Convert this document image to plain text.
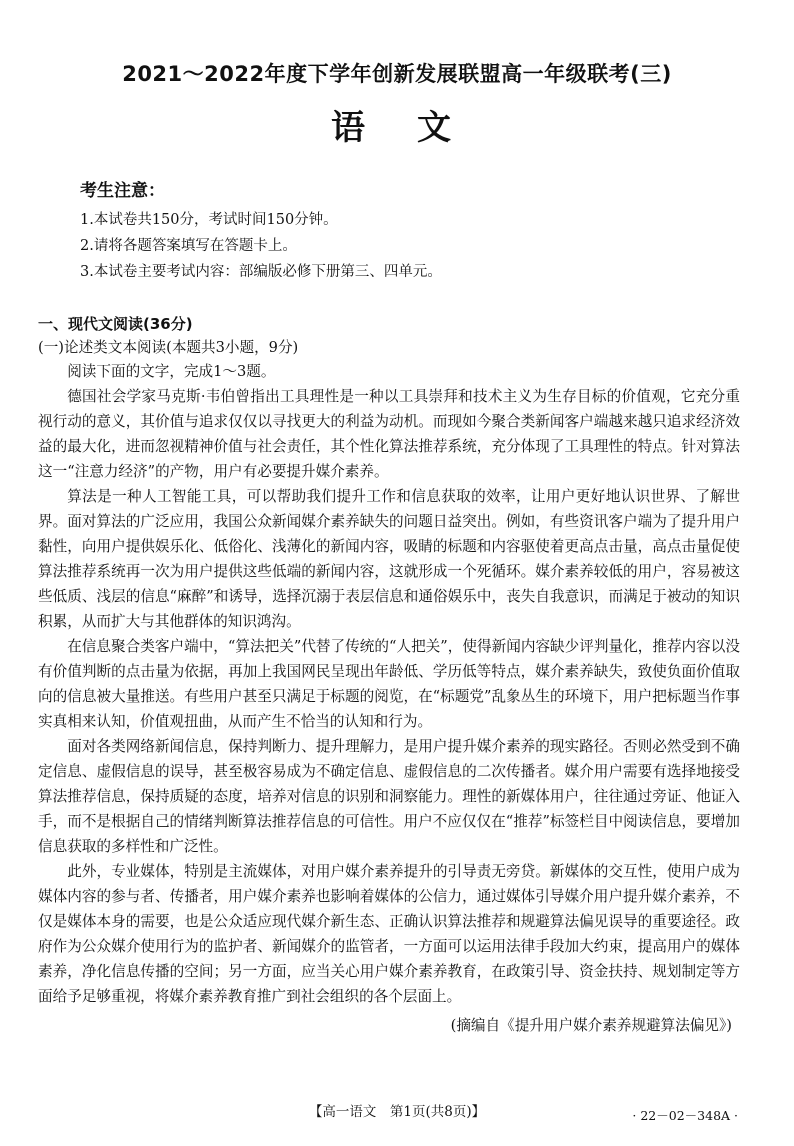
2021～2022年度下学年创新发展联盟高一年级联考(三)
语文
考生注意：
1.本试卷共150分，考试时间150分钟。
2.请将各题答案填写在答题卡上。
3.本试卷主要考试内容：部编版必修下册第三、四单元。
一、现代文阅读(36分)
(一)论述类文本阅读(本题共3小题，9分)
阅读下面的文字，完成1～3题。

德国社会学家马克斯·韦伯曾指出工具理性是一种以工具崇拜和技术主义为生存目标的价值观，它充分重视行动的意义，其价值与追求仅仅以寻找更大的利益为动机。而现如今聚合类新闻客户端越来越只追求经济效益的最大化，进而忽视精神价值与社会责任，其个性化算法推荐系统，充分体现了工具理性的特点。针对算法这一“注意力经济”的产物，用户有必要提升媒介素养。

算法是一种人工智能工具，可以帮助我们提升工作和信息获取的效率，让用户更好地认识世界、了解世界。面对算法的广泛应用，我国公众新闻媒介素养缺失的问题日益突出。例如，有些资讯客户端为了提升用户黏性，向用户提供娱乐化、低俗化、浅薄化的新闻内容，吸睛的标题和内容驱使着更高点击量，高点击量促使算法推荐系统再一次为用户提供这些低端的新闻内容，这就形成一个死循环。媒介素养较低的用户，容易被这些低质、浅层的信息“麻醉”和诱导，选择沉溺于表层信息和通俗娱乐中，丧失自我意识，而满足于被动的知识积累，从而扩大与其他群体的知识鸿沟。

在信息聚合类客户端中，“算法把关”代替了传统的“人把关”，使得新闻内容缺少评判量化，推荐内容以没有价值判断的点击量为依据，再加上我国网民呈现出年龄低、学历低等特点，媒介素养缺失，致使负面价值取向的信息被大量推送。有些用户甚至只满足于标题的阅览，在“标题党”乱象丛生的环境下，用户把标题当作事实真相来认知，价值观扭曲，从而产生不恰当的认知和行为。

面对各类网络新闻信息，保持判断力、提升理解力，是用户提升媒介素养的现实路径。否则必然受到不确定信息、虚假信息的误导，甚至极容易成为不确定信息、虚假信息的二次传播者。媒介用户需要有选择地接受算法推荐信息，保持质疑的态度，培养对信息的识别和洞察能力。理性的新媒体用户，往往通过旁证、他证入手，而不是根据自己的情绪判断算法推荐信息的可信性。用户不应仅仅在“推荐”标签栏目中阅读信息，要增加信息获取的多样性和广泛性。

此外，专业媒体，特别是主流媒体，对用户媒介素养提升的引导责无旁贷。新媒体的交互性，使用户成为媒体内容的参与者、传播者，用户媒介素养也影响着媒体的公信力，通过媒体引导媒介用户提升媒介素养，不仅是媒体本身的需要，也是公众适应现代媒介新生态、正确认识算法推荐和规避算法偏见误导的重要途径。政府作为公众媒介使用行为的监护者、新闻媒介的监管者，一方面可以运用法律手段加大约束，提高用户的媒体素养，净化信息传播的空间；另一方面，应当关心用户媒介素养教育，在政策引导、资金扶持、规划制定等方面给予足够重视，将媒介素养教育推广到社会组织的各个层面上。

(摘编自《提升用户媒介素养规避算法偏见》)
【高一语文　第1页(共8页)】	· 22－02－348A ·
